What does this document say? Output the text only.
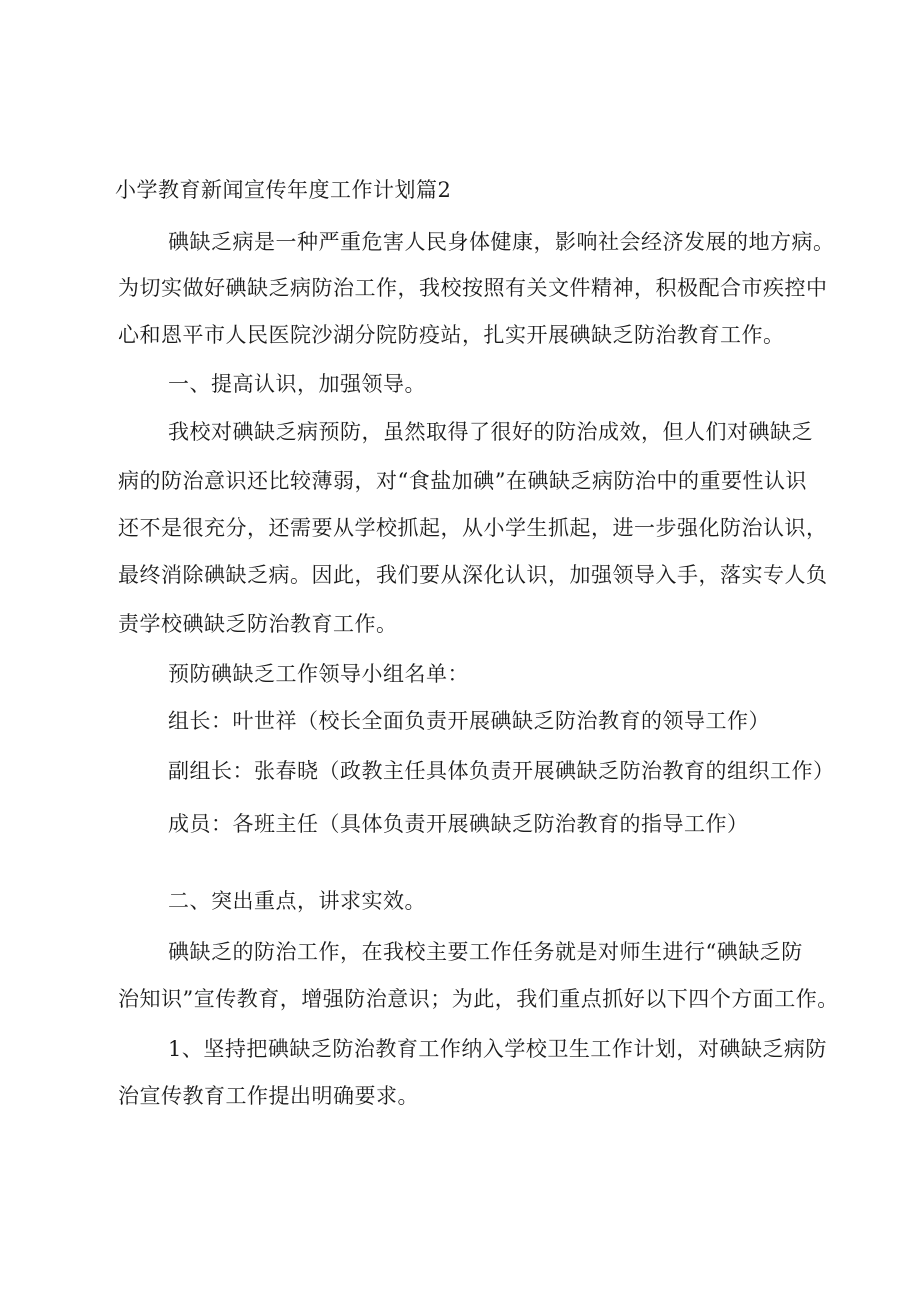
小学教育新闻宣传年度工作计划篇2
碘缺乏病是一种严重危害人民身体健康，影响社会经济发展的地方病。
为切实做好碘缺乏病防治工作，我校按照有关文件精神，积极配合市疾控中
心和恩平市人民医院沙湖分院防疫站，扎实开展碘缺乏防治教育工作。
一、提高认识，加强领导。
我校对碘缺乏病预防，虽然取得了很好的防治成效，但人们对碘缺乏
病的防治意识还比较薄弱，对“食盐加碘”在碘缺乏病防治中的重要性认识
还不是很充分，还需要从学校抓起，从小学生抓起，进一步强化防治认识，
最终消除碘缺乏病。因此，我们要从深化认识，加强领导入手，落实专人负
责学校碘缺乏防治教育工作。
预防碘缺乏工作领导小组名单：
组长：叶世祥（校长全面负责开展碘缺乏防治教育的领导工作）
副组长：张春晓（政教主任具体负责开展碘缺乏防治教育的组织工作）
成员：各班主任（具体负责开展碘缺乏防治教育的指导工作）
二、突出重点，讲求实效。
碘缺乏的防治工作，在我校主要工作任务就是对师生进行“碘缺乏防
治知识”宣传教育，增强防治意识；为此，我们重点抓好以下四个方面工作。
1、坚持把碘缺乏防治教育工作纳入学校卫生工作计划，对碘缺乏病防
治宣传教育工作提出明确要求。
